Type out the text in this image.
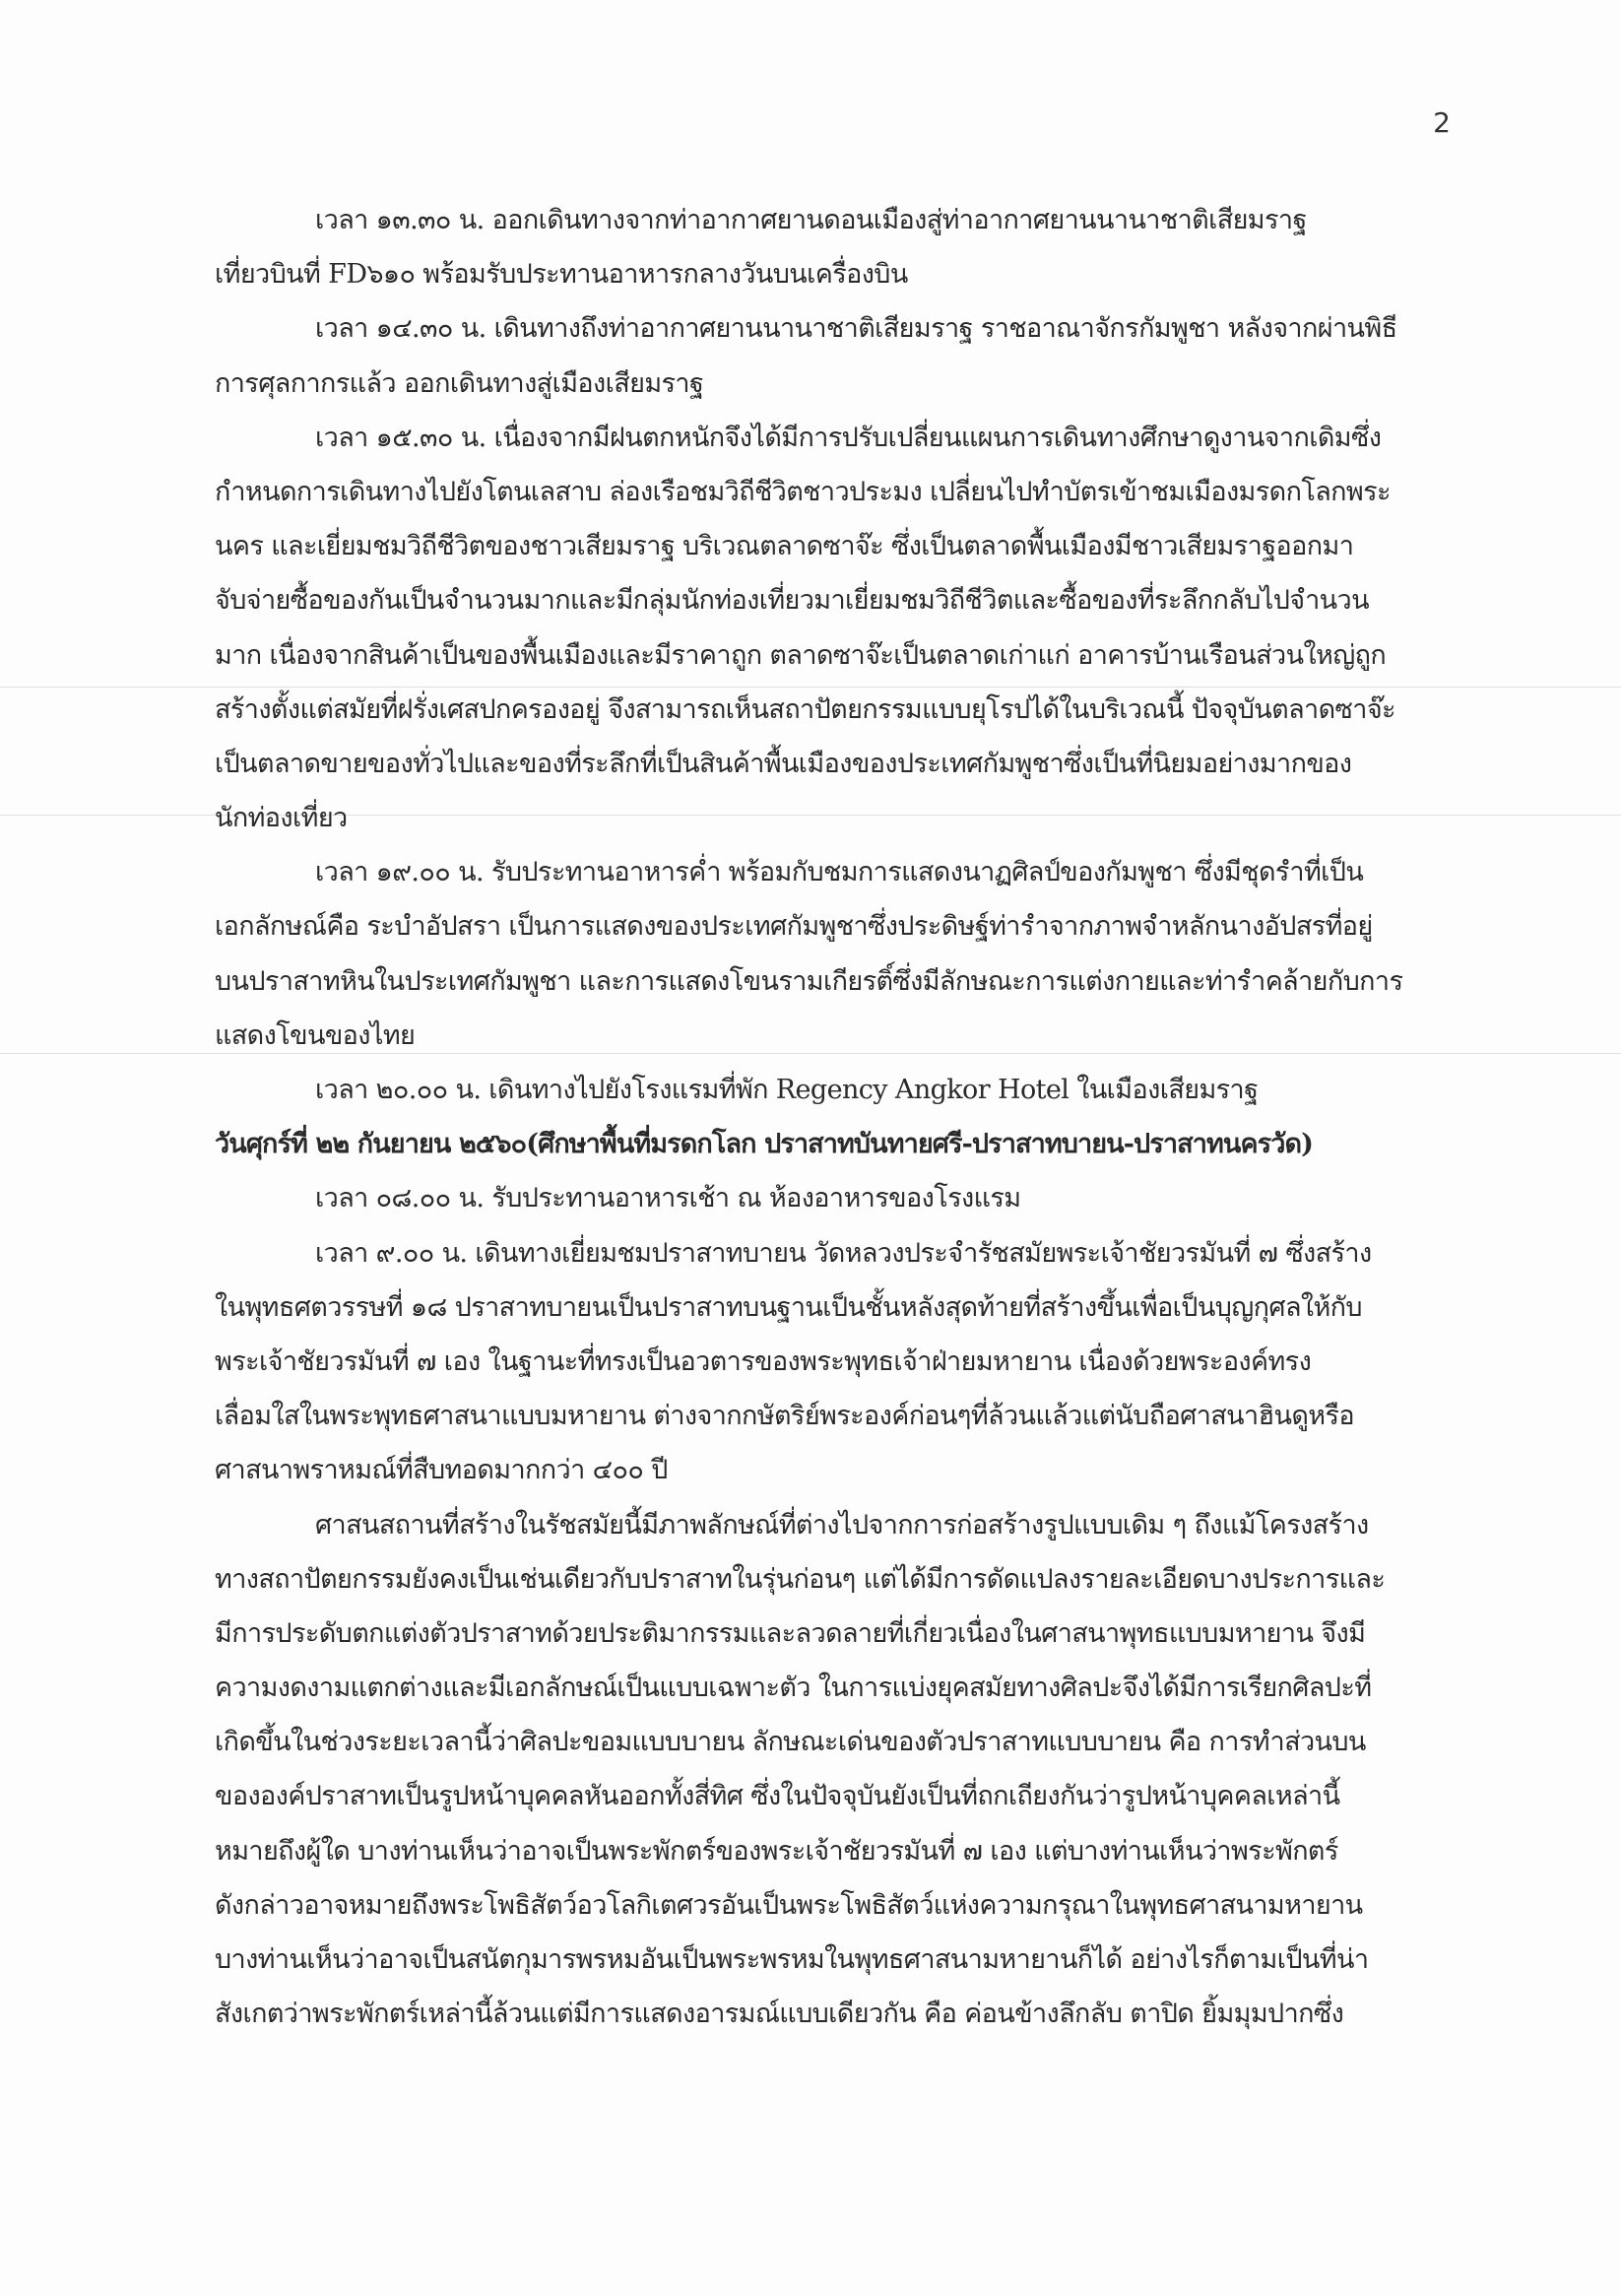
2
เวลา ๑๓.๓๐ น. ออกเดินทางจากท่าอากาศยานดอนเมืองสู่ท่าอากาศยานนานาชาติเสียมราฐ
เที่ยวบินที่ FD๖๑๐ พร้อมรับประทานอาหารกลางวันบนเครื่องบิน
เวลา ๑๔.๓๐ น. เดินทางถึงท่าอากาศยานนานาชาติเสียมราฐ ราชอาณาจักรกัมพูชา หลังจากผ่านพิธี
การศุลกากรแล้ว ออกเดินทางสู่เมืองเสียมราฐ
เวลา ๑๕.๓๐ น. เนื่องจากมีฝนตกหนักจึงได้มีการปรับเปลี่ยนแผนการเดินทางศึกษาดูงานจากเดิมซึ่ง
กำหนดการเดินทางไปยังโตนเลสาบ ล่องเรือชมวิถีชีวิตชาวประมง เปลี่ยนไปทำบัตรเข้าชมเมืองมรดกโลกพระ
นคร และเยี่ยมชมวิถีชีวิตของชาวเสียมราฐ บริเวณตลาดซาจ๊ะ ซึ่งเป็นตลาดพื้นเมืองมีชาวเสียมราฐออกมา
จับจ่ายซื้อของกันเป็นจำนวนมากและมีกลุ่มนักท่องเที่ยวมาเยี่ยมชมวิถีชีวิตและซื้อของที่ระลึกกลับไปจำนวน
มาก เนื่องจากสินค้าเป็นของพื้นเมืองและมีราคาถูก ตลาดซาจ๊ะเป็นตลาดเก่าแก่ อาคารบ้านเรือนส่วนใหญ่ถูก
สร้างตั้งแต่สมัยที่ฝรั่งเศสปกครองอยู่ จึงสามารถเห็นสถาปัตยกรรมแบบยุโรปได้ในบริเวณนี้ ปัจจุบันตลาดซาจ๊ะ
เป็นตลาดขายของทั่วไปและของที่ระลึกที่เป็นสินค้าพื้นเมืองของประเทศกัมพูชาซึ่งเป็นที่นิยมอย่างมากของ
นักท่องเที่ยว
เวลา ๑๙.๐๐ น. รับประทานอาหารค่ำ พร้อมกับชมการแสดงนาฏศิลป์ของกัมพูชา ซึ่งมีชุดรำที่เป็น
เอกลักษณ์คือ ระบำอัปสรา เป็นการแสดงของประเทศกัมพูชาซึ่งประดิษฐ์ท่ารำจากภาพจำหลักนางอัปสรที่อยู่
บนปราสาทหินในประเทศกัมพูชา และการแสดงโขนรามเกียรติ์ซึ่งมีลักษณะการแต่งกายและท่ารำคล้ายกับการ
แสดงโขนของไทย
เวลา ๒๐.๐๐ น. เดินทางไปยังโรงแรมที่พัก Regency Angkor Hotel ในเมืองเสียมราฐ
วันศุกร์ที่ ๒๒ กันยายน ๒๕๖๐(ศึกษาพื้นที่มรดกโลก ปราสาทบันทายศรี-ปราสาทบายน-ปราสาทนครวัด)
เวลา ๐๘.๐๐ น. รับประทานอาหารเช้า ณ ห้องอาหารของโรงแรม
เวลา ๙.๐๐ น. เดินทางเยี่ยมชมปราสาทบายน วัดหลวงประจำรัชสมัยพระเจ้าชัยวรมันที่ ๗ ซึ่งสร้าง
ในพุทธศตวรรษที่ ๑๘ ปราสาทบายนเป็นปราสาทบนฐานเป็นชั้นหลังสุดท้ายที่สร้างขึ้นเพื่อเป็นบุญกุศลให้กับ
พระเจ้าชัยวรมันที่ ๗ เอง ในฐานะที่ทรงเป็นอวตารของพระพุทธเจ้าฝ่ายมหายาน เนื่องด้วยพระองค์ทรง
เลื่อมใสในพระพุทธศาสนาแบบมหายาน ต่างจากกษัตริย์พระองค์ก่อนๆที่ล้วนแล้วแต่นับถือศาสนาฮินดูหรือ
ศาสนาพราหมณ์ที่สืบทอดมากกว่า ๔๐๐ ปี
ศาสนสถานที่สร้างในรัชสมัยนี้มีภาพลักษณ์ที่ต่างไปจากการก่อสร้างรูปแบบเดิม ๆ ถึงแม้โครงสร้าง
ทางสถาปัตยกรรมยังคงเป็นเช่นเดียวกับปราสาทในรุ่นก่อนๆ แต่ได้มีการดัดแปลงรายละเอียดบางประการและ
มีการประดับตกแต่งตัวปราสาทด้วยประติมากรรมและลวดลายที่เกี่ยวเนื่องในศาสนาพุทธแบบมหายาน จึงมี
ความงดงามแตกต่างและมีเอกลักษณ์เป็นแบบเฉพาะตัว ในการแบ่งยุคสมัยทางศิลปะจึงได้มีการเรียกศิลปะที่
เกิดขึ้นในช่วงระยะเวลานี้ว่าศิลปะขอมแบบบายน ลักษณะเด่นของตัวปราสาทแบบบายน คือ การทำส่วนบน
ขององค์ปราสาทเป็นรูปหน้าบุคคลหันออกทั้งสี่ทิศ ซึ่งในปัจจุบันยังเป็นที่ถกเถียงกันว่ารูปหน้าบุคคลเหล่านี้
หมายถึงผู้ใด บางท่านเห็นว่าอาจเป็นพระพักตร์ของพระเจ้าชัยวรมันที่ ๗ เอง แต่บางท่านเห็นว่าพระพักตร์
ดังกล่าวอาจหมายถึงพระโพธิสัตว์อวโลกิเตศวรอันเป็นพระโพธิสัตว์แห่งความกรุณาในพุทธศาสนามหายาน
บางท่านเห็นว่าอาจเป็นสนัตกุมารพรหมอันเป็นพระพรหมในพุทธศาสนามหายานก็ได้ อย่างไรก็ตามเป็นที่น่า
สังเกตว่าพระพักตร์เหล่านี้ล้วนแต่มีการแสดงอารมณ์แบบเดียวกัน คือ ค่อนข้างลึกลับ ตาปิด ยิ้มมุมปากซึ่ง
